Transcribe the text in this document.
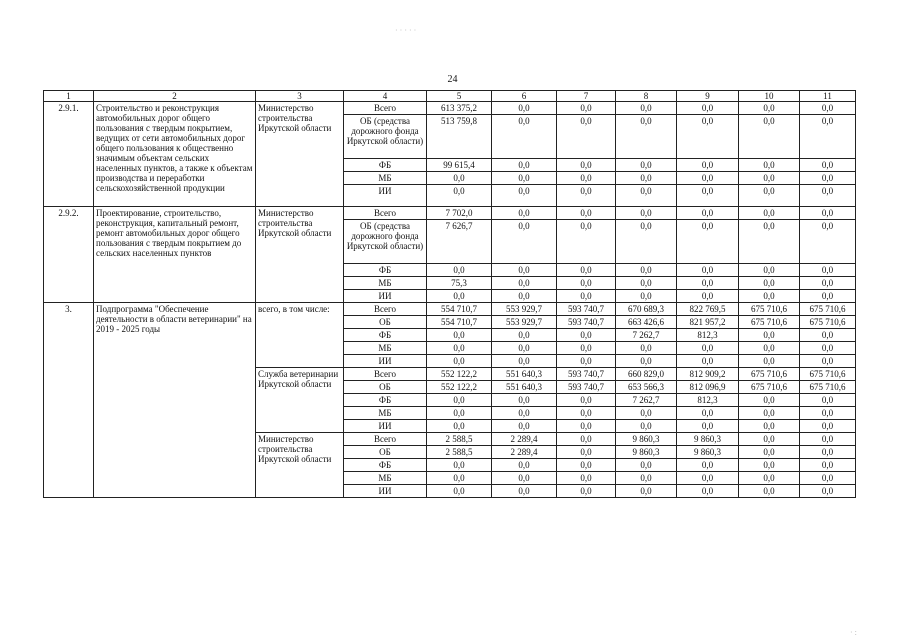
24
1	2	3	4	5	6	7	8	9	10	11
2.9.1.	Строительство и реконструкция автомобильных дорог общего пользования с твердым покрытием, ведущих от сети автомобильных дорог общего пользования к общественно значимым объектам сельских населенных пунктов, а также к объектам производства и переработки сельскохозяйственной продукции	Министерство строительства Иркутской области	Всего	613 375,2	0,0	0,0	0,0	0,0	0,0	0,0
			ОБ (средства дорожного фонда Иркутской области)	513 759,8	0,0	0,0	0,0	0,0	0,0	0,0
			ФБ	99 615,4	0,0	0,0	0,0	0,0	0,0	0,0
			МБ	0,0	0,0	0,0	0,0	0,0	0,0	0,0
			ИИ	0,0	0,0	0,0	0,0	0,0	0,0	0,0
2.9.2.	Проектирование, строительство, реконструкция, капитальный ремонт, ремонт автомобильных дорог общего пользования с твердым покрытием до сельских населенных пунктов	Министерство строительства Иркутской области	Всего	7 702,0	0,0	0,0	0,0	0,0	0,0	0,0
			ОБ (средства дорожного фонда Иркутской области)	7 626,7	0,0	0,0	0,0	0,0	0,0	0,0
			ФБ	0,0	0,0	0,0	0,0	0,0	0,0	0,0
			МБ	75,3	0,0	0,0	0,0	0,0	0,0	0,0
			ИИ	0,0	0,0	0,0	0,0	0,0	0,0	0,0
3.	Подпрограмма "Обеспечение деятельности в области ветеринарии" на 2019 - 2025 годы	всего, в том числе:	Всего	554 710,7	553 929,7	593 740,7	670 689,3	822 769,5	675 710,6	675 710,6
			ОБ	554 710,7	553 929,7	593 740,7	663 426,6	821 957,2	675 710,6	675 710,6
			ФБ	0,0	0,0	0,0	7 262,7	812,3	0,0	0,0
			МБ	0,0	0,0	0,0	0,0	0,0	0,0	0,0
			ИИ	0,0	0,0	0,0	0,0	0,0	0,0	0,0
		Служба ветеринарии Иркутской области	Всего	552 122,2	551 640,3	593 740,7	660 829,0	812 909,2	675 710,6	675 710,6
			ОБ	552 122,2	551 640,3	593 740,7	653 566,3	812 096,9	675 710,6	675 710,6
			ФБ	0,0	0,0	0,0	7 262,7	812,3	0,0	0,0
			МБ	0,0	0,0	0,0	0,0	0,0	0,0	0,0
			ИИ	0,0	0,0	0,0	0,0	0,0	0,0	0,0
		Министерство строительства Иркутской области	Всего	2 588,5	2 289,4	0,0	9 860,3	9 860,3	0,0	0,0
			ОБ	2 588,5	2 289,4	0,0	9 860,3	9 860,3	0,0	0,0
			ФБ	0,0	0,0	0,0	0,0	0,0	0,0	0,0
			МБ	0,0	0,0	0,0	0,0	0,0	0,0	0,0
			ИИ	0,0	0,0	0,0	0,0	0,0	0,0	0,0
· · · · ·
· :
